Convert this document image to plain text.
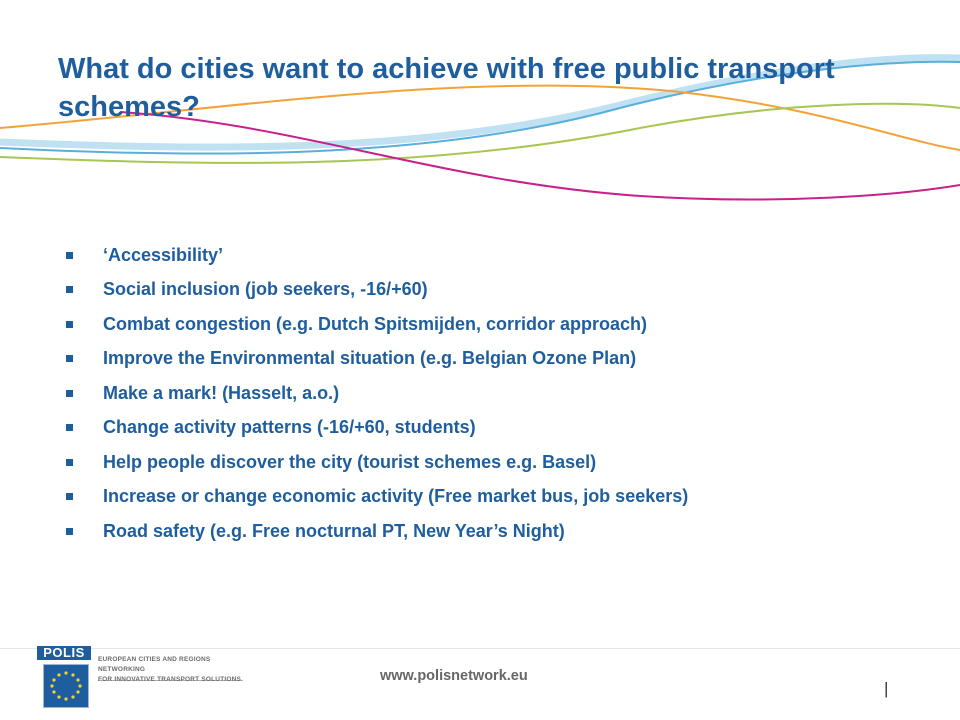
What do cities want to achieve with free public transport schemes?
‘Accessibility’
Social inclusion (job seekers, -16/+60)
Combat congestion (e.g. Dutch Spitsmijden, corridor approach)
Improve the Environmental situation (e.g. Belgian Ozone Plan)
Make a mark! (Hasselt, a.o.)
Change activity patterns (-16/+60, students)
Help people discover the city (tourist schemes e.g. Basel)
Increase or change economic activity (Free market bus, job seekers)
Road safety (e.g. Free nocturnal PT, New Year’s Night)
POLIS	EUROPEAN CITIES AND REGIONS NETWORKING
FOR INNOVATIVE TRANSPORT SOLUTIONS	www.polisnetwork.eu
|
